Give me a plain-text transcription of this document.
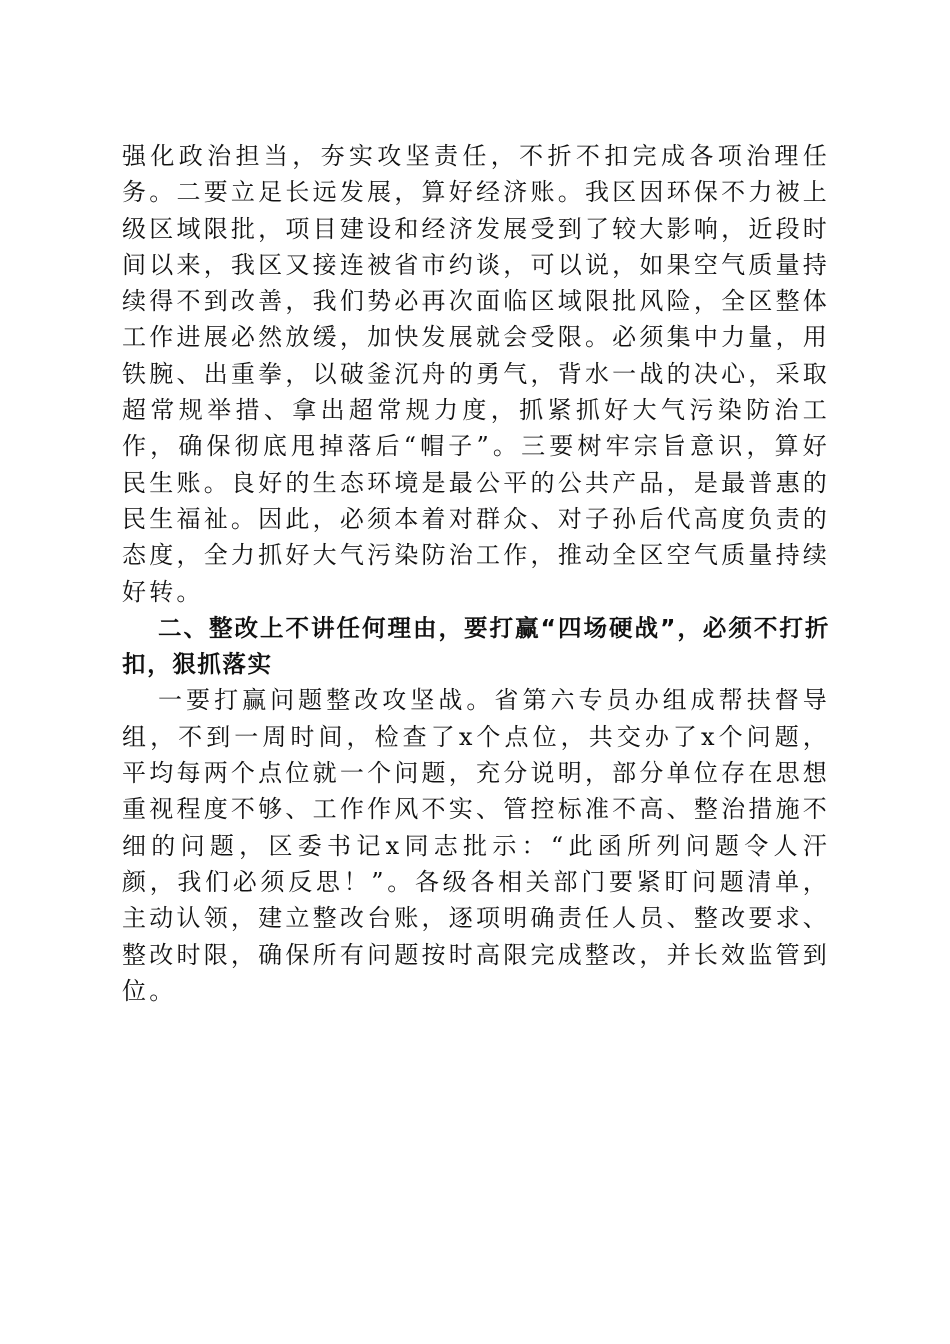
强化政治担当，夯实攻坚责任，不折不扣完成各项治理任务。二要立足长远发展，算好经济账。我区因环保不力被上级区域限批，项目建设和经济发展受到了较大影响，近段时间以来，我区又接连被省市约谈，可以说，如果空气质量持续得不到改善，我们势必再次面临区域限批风险，全区整体工作进展必然放缓，加快发展就会受限。必须集中力量，用铁腕、出重拳，以破釜沉舟的勇气，背水一战的决心，采取超常规举措、拿出超常规力度，抓紧抓好大气污染防治工作，确保彻底甩掉落后“帽子”。三要树牢宗旨意识，算好民生账。良好的生态环境是最公平的公共产品，是最普惠的民生福祉。因此，必须本着对群众、对子孙后代高度负责的态度，全力抓好大气污染防治工作，推动全区空气质量持续好转。

二、整改上不讲任何理由，要打赢“四场硬战”，必须不打折扣，狠抓落实

一要打赢问题整改攻坚战。省第六专员办组成帮扶督导组，不到一周时间，检查了x个点位，共交办了x个问题，平均每两个点位就一个问题，充分说明，部分单位存在思想重视程度不够、工作作风不实、管控标准不高、整治措施不细的问题，区委书记x同志批示：“此函所列问题令人汗颜，我们必须反思！”。各级各相关部门要紧盯问题清单，主动认领，建立整改台账，逐项明确责任人员、整改要求、整改时限，确保所有问题按时高限完成整改，并长效监管到位。
